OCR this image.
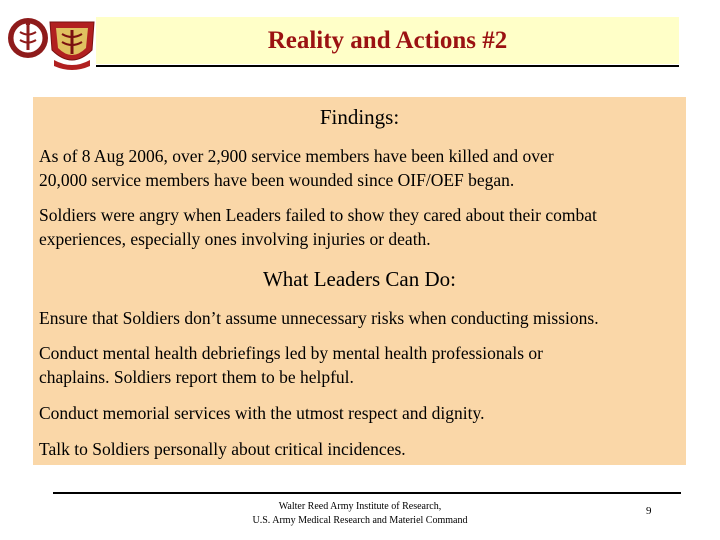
Reality and Actions #2
Findings:
As of 8 Aug 2006, over 2,900 service members have been killed and over
20,000 service members have been wounded since OIF/OEF began.
Soldiers were angry when Leaders failed to show they cared about their combat
experiences, especially ones involving injuries or death.
What Leaders Can Do:
Ensure that Soldiers don’t assume unnecessary risks when conducting missions.
Conduct mental health debriefings led by mental health professionals or
chaplains. Soldiers report them to be helpful.
Conduct memorial services with the utmost respect and dignity.
Talk to Soldiers personally about critical incidences.
Walter Reed Army Institute of Research,
U.S. Army Medical Research and Materiel Command
9
